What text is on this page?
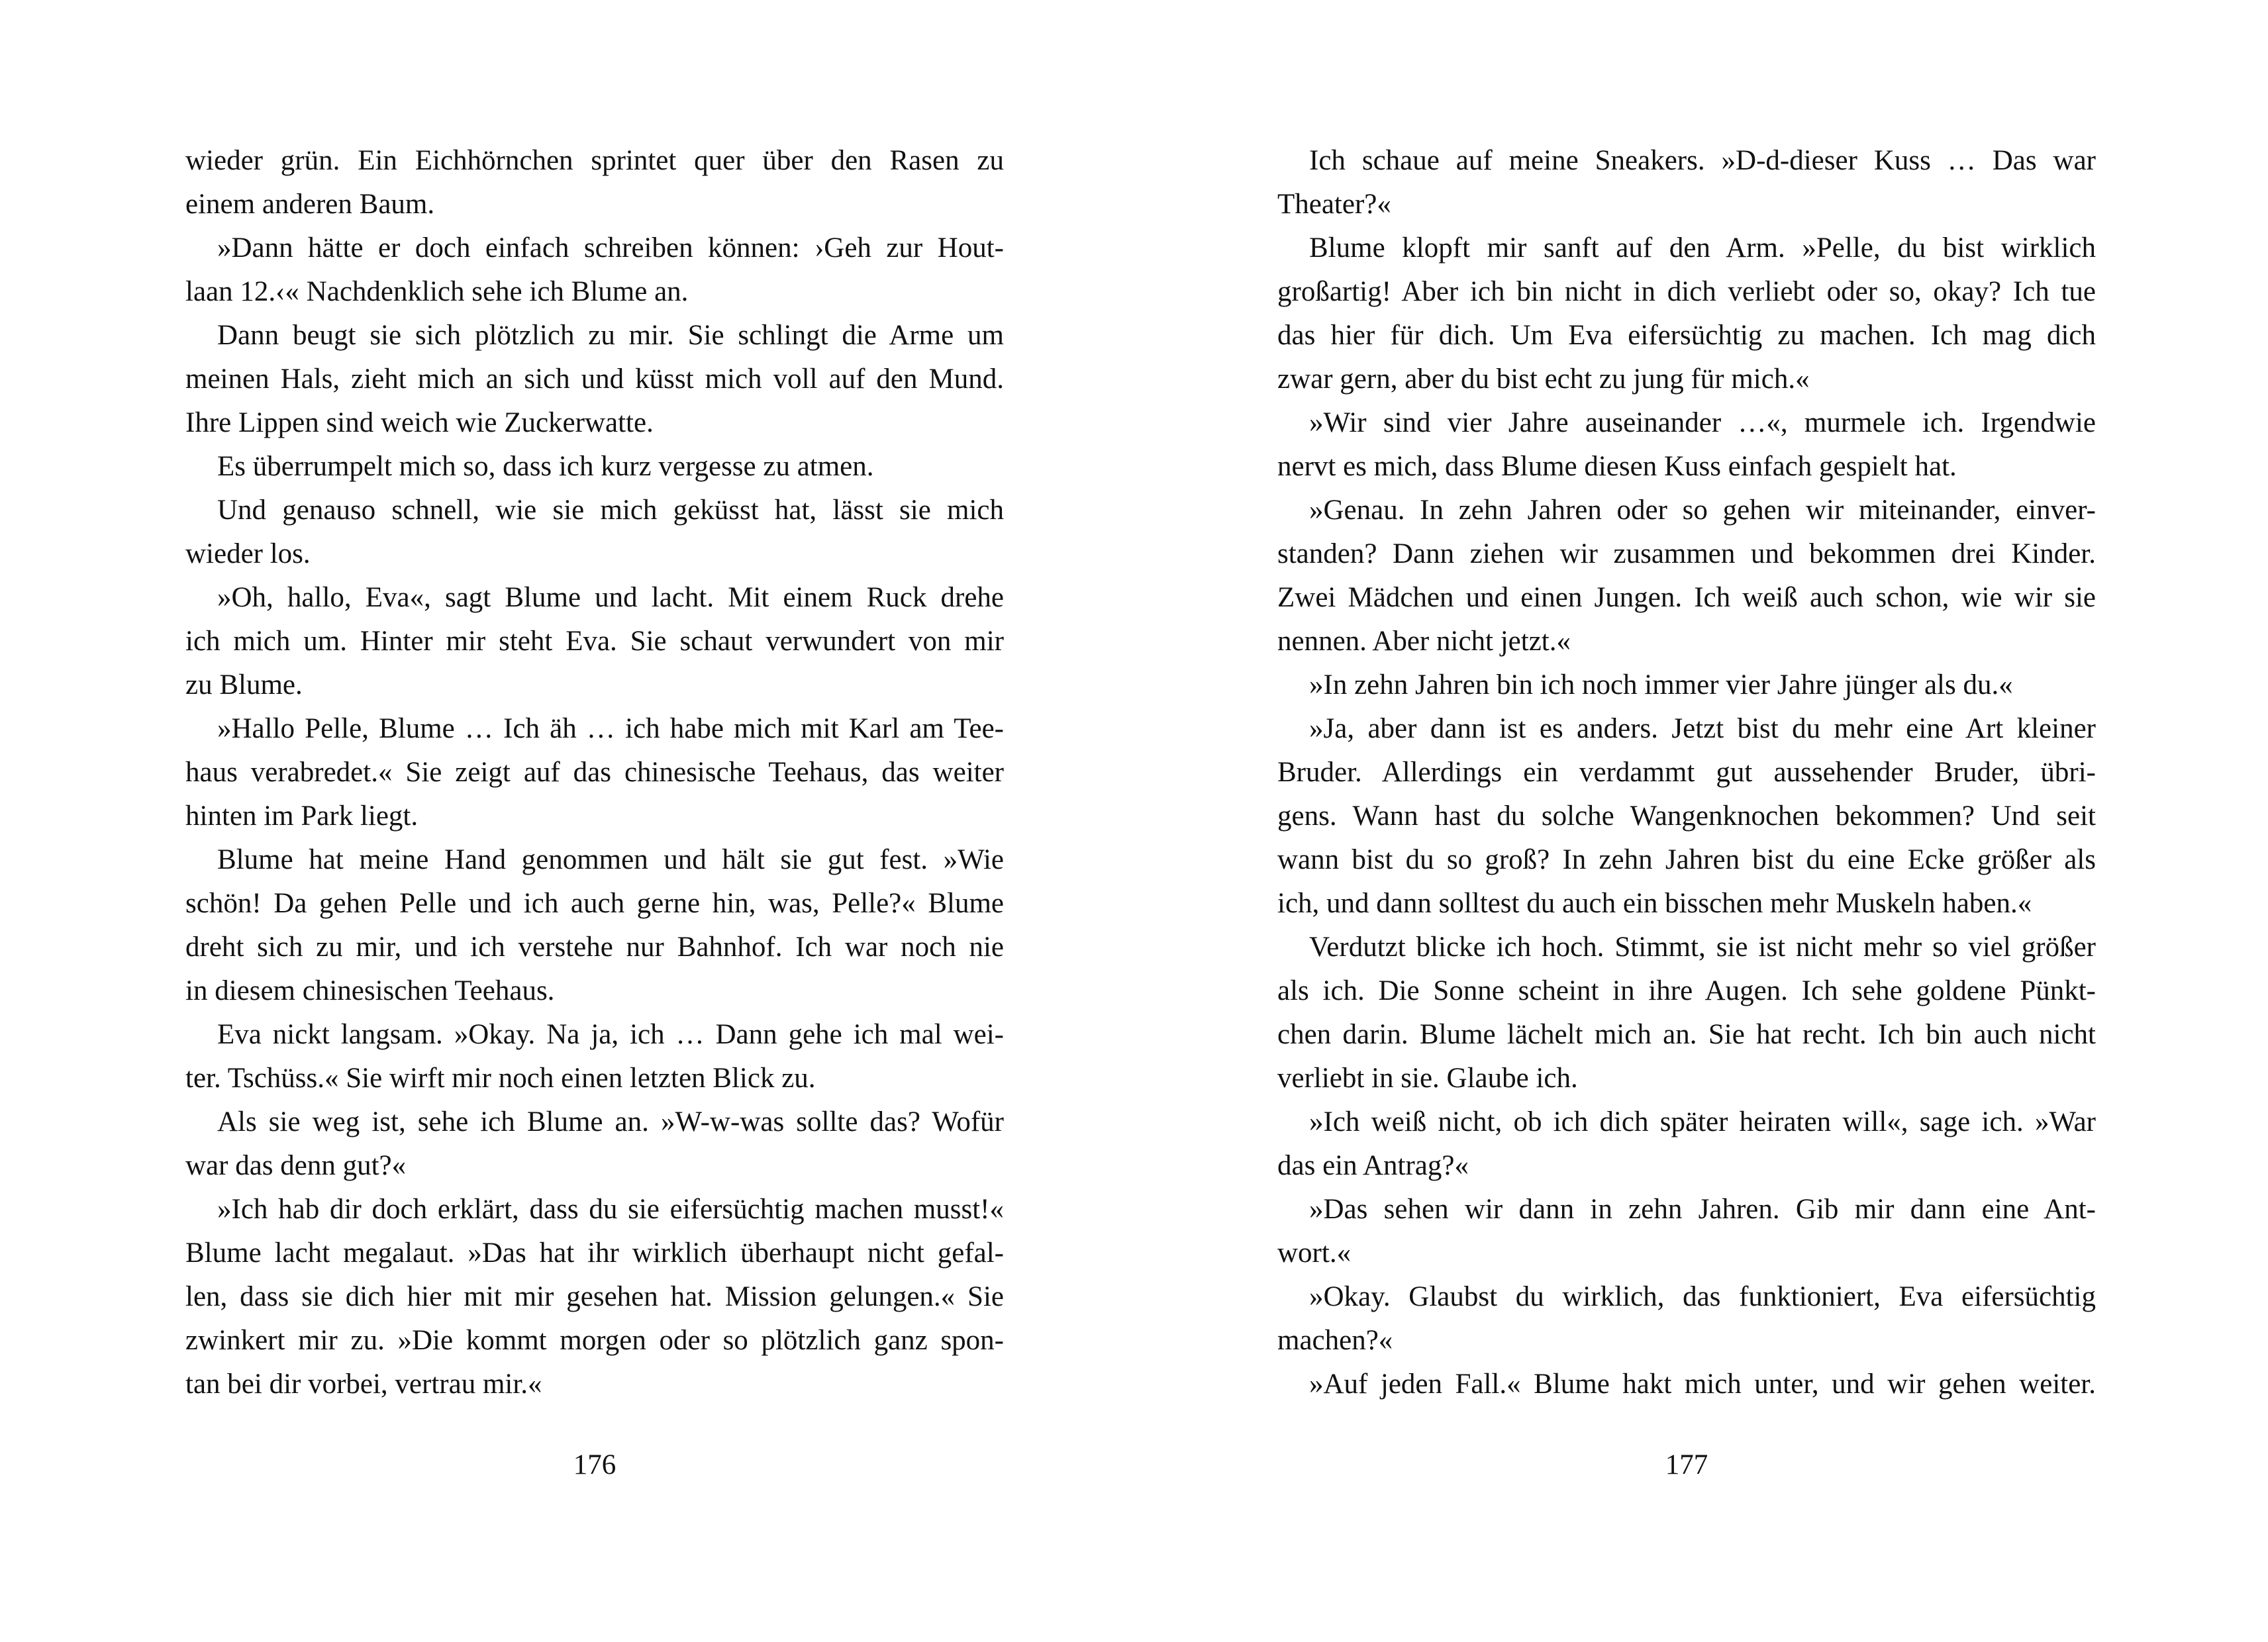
wieder grün. Ein Eichhörnchen sprintet quer über den Rasen zu
einem anderen Baum.
»Dann hätte er doch einfach schreiben können: ›Geh zur Hout-
laan 12.‹« Nachdenklich sehe ich Blume an.
Dann beugt sie sich plötzlich zu mir. Sie schlingt die Arme um
meinen Hals, zieht mich an sich und küsst mich voll auf den Mund.
Ihre Lippen sind weich wie Zuckerwatte.
Es überrumpelt mich so, dass ich kurz vergesse zu atmen.
Und genauso schnell, wie sie mich geküsst hat, lässt sie mich
wieder los.
»Oh, hallo, Eva«, sagt Blume und lacht. Mit einem Ruck drehe
ich mich um. Hinter mir steht Eva. Sie schaut verwundert von mir
zu Blume.
»Hallo Pelle, Blume … Ich äh … ich habe mich mit Karl am Tee-
haus verabredet.« Sie zeigt auf das chinesische Teehaus, das weiter
hinten im Park liegt.
Blume hat meine Hand genommen und hält sie gut fest. »Wie
schön! Da gehen Pelle und ich auch gerne hin, was, Pelle?« Blume
dreht sich zu mir, und ich verstehe nur Bahnhof. Ich war noch nie
in diesem chinesischen Teehaus.
Eva nickt langsam. »Okay. Na ja, ich … Dann gehe ich mal wei-
ter. Tschüss.« Sie wirft mir noch einen letzten Blick zu.
Als sie weg ist, sehe ich Blume an. »W-w-was sollte das? Wofür
war das denn gut?«
»Ich hab dir doch erklärt, dass du sie eifersüchtig machen musst!«
Blume lacht megalaut. »Das hat ihr wirklich überhaupt nicht gefal-
len, dass sie dich hier mit mir gesehen hat. Mission gelungen.« Sie
zwinkert mir zu. »Die kommt morgen oder so plötzlich ganz spon-
tan bei dir vorbei, vertrau mir.«
176
Ich schaue auf meine Sneakers. »D-d-dieser Kuss … Das war
Theater?«
Blume klopft mir sanft auf den Arm. »Pelle, du bist wirklich
großartig! Aber ich bin nicht in dich verliebt oder so, okay? Ich tue
das hier für dich. Um Eva eifersüchtig zu machen. Ich mag dich
zwar gern, aber du bist echt zu jung für mich.«
»Wir sind vier Jahre auseinander …«, murmele ich. Irgendwie
nervt es mich, dass Blume diesen Kuss einfach gespielt hat.
»Genau. In zehn Jahren oder so gehen wir miteinander, einver-
standen? Dann ziehen wir zusammen und bekommen drei Kinder.
Zwei Mädchen und einen Jungen. Ich weiß auch schon, wie wir sie
nennen. Aber nicht jetzt.«
»In zehn Jahren bin ich noch immer vier Jahre jünger als du.«
»Ja, aber dann ist es anders. Jetzt bist du mehr eine Art kleiner
Bruder. Allerdings ein verdammt gut aussehender Bruder, übri-
gens. Wann hast du solche Wangenknochen bekommen? Und seit
wann bist du so groß? In zehn Jahren bist du eine Ecke größer als
ich, und dann solltest du auch ein bisschen mehr Muskeln haben.«
Verdutzt blicke ich hoch. Stimmt, sie ist nicht mehr so viel größer
als ich. Die Sonne scheint in ihre Augen. Ich sehe goldene Pünkt-
chen darin. Blume lächelt mich an. Sie hat recht. Ich bin auch nicht
verliebt in sie. Glaube ich.
»Ich weiß nicht, ob ich dich später heiraten will«, sage ich. »War
das ein Antrag?«
»Das sehen wir dann in zehn Jahren. Gib mir dann eine Ant-
wort.«
»Okay. Glaubst du wirklich, das funktioniert, Eva eifersüchtig
machen?«
»Auf jeden Fall.« Blume hakt mich unter, und wir gehen weiter.
177
